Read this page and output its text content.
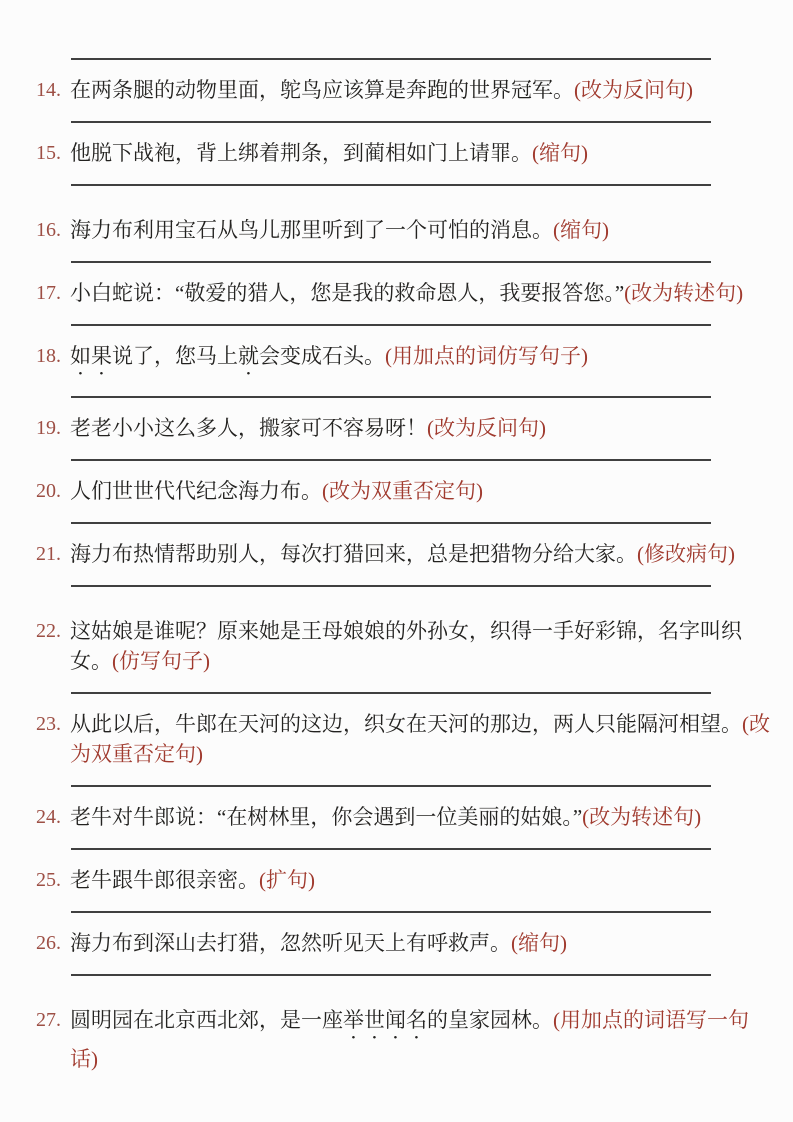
14. 在两条腿的动物里面，鸵鸟应该算是奔跑的世界冠军。(改为反问句)

15. 他脱下战袍，背上绑着荆条，到蔺相如门上请罪。(缩句)

16. 海力布利用宝石从鸟儿那里听到了一个可怕的消息。(缩句)

17. 小白蛇说：“敬爱的猎人，您是我的救命恩人，我要报答您。”(改为转述句)

18. 如果说了，您马上就会变成石头。(用加点的词仿写句子)

19. 老老小小这么多人，搬家可不容易呀！(改为反问句)

20. 人们世世代代纪念海力布。(改为双重否定句)

21. 海力布热情帮助别人，每次打猎回来，总是把猎物分给大家。(修改病句)

22. 这姑娘是谁呢？原来她是王母娘娘的外孙女，织得一手好彩锦，名字叫织女。(仿写句子)

23. 从此以后，牛郎在天河的这边，织女在天河的那边，两人只能隔河相望。(改为双重否定句)

24. 老牛对牛郎说：“在树林里，你会遇到一位美丽的姑娘。”(改为转述句)

25. 老牛跟牛郎很亲密。(扩句)

26. 海力布到深山去打猎，忽然听见天上有呼救声。(缩句)

27. 圆明园在北京西北郊，是一座举世闻名的皇家园林。(用加点的词语写一句话)
